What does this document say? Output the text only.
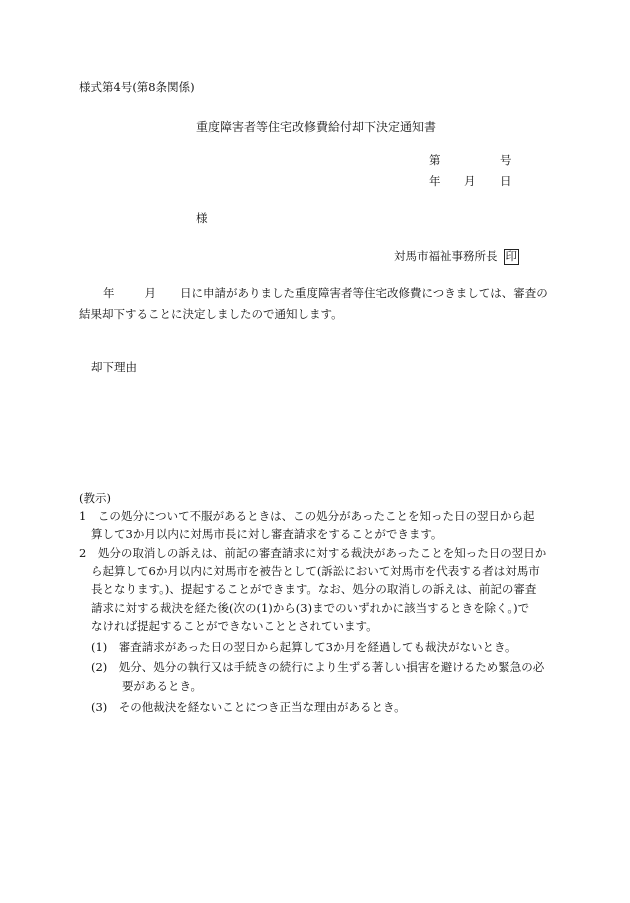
様式第4号(第8条関係)
重度障害者等住宅改修費給付却下決定通知書
第	号
年 月 日
様
対馬市福祉事務所長 印
年	月 日に申請がありました重度障害者等住宅改修費につきましては、審査の結果却下することに決定しましたので通知します。
却下理由
(教示)
1　この処分について不服があるときは、この処分があったことを知った日の翌日から起
算して3か月以内に対馬市長に対し審査請求をすることができます。
2　処分の取消しの訴えは、前記の審査請求に対する裁決があったことを知った日の翌日か
ら起算して6か月以内に対馬市を被告として(訴訟において対馬市を代表する者は対馬市
長となります。)、提起することができます。なお、処分の取消しの訴えは、前記の審査
請求に対する裁決を経た後(次の(1)から(3)までのいずれかに該当するときを除く。)で
なければ提起することができないこととされています。
(1)　審査請求があった日の翌日から起算して3か月を経過しても裁決がないとき。
(2)　処分、処分の執行又は手続きの続行により生ずる著しい損害を避けるため緊急の必
要があるとき。
(3)　その他裁決を経ないことにつき正当な理由があるとき。
